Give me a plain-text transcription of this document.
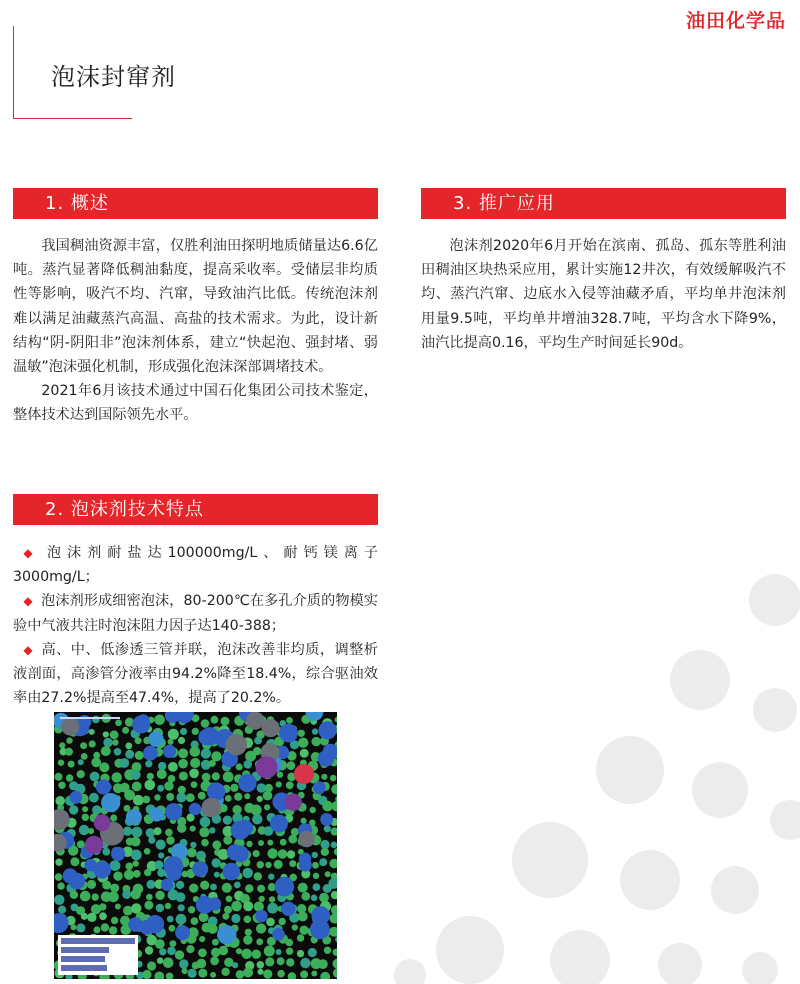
油田化学品
泡沫封窜剂
1. 概述

我国稠油资源丰富，仅胜利油田探明地质储量达6.6亿吨。蒸汽显著降低稠油黏度，提高采收率。受储层非均质性等影响，吸汽不均、汽窜，导致油汽比低。传统泡沫剂难以满足油藏蒸汽高温、高盐的技术需求。为此，设计新结构“阴-阴阳非”泡沫剂体系，建立“快起泡、强封堵、弱温敏”泡沫强化机制，形成强化泡沫深部调堵技术。

2021年6月该技术通过中国石化集团公司技术鉴定，整体技术达到国际领先水平。

2. 泡沫剂技术特点
◆ 泡沫剂耐盐达100000mg/L、耐钙镁离子3000mg/L；
◆ 泡沫剂形成细密泡沫，80-200℃在多孔介质的物模实验中气液共注时泡沫阻力因子达140-388；
◆ 高、中、低渗透三管并联，泡沫改善非均质，调整析液剖面，高渗管分液率由94.2%降至18.4%，综合驱油效率由27.2%提高至47.4%，提高了20.2%。
3. 推广应用

泡沫剂2020年6月开始在滨南、孤岛、孤东等胜利油田稠油区块热采应用，累计实施12井次，有效缓解吸汽不均、蒸汽汽窜、边底水入侵等油藏矛盾，平均单井泡沫剂用量9.5吨，平均单井增油328.7吨，平均含水下降9%，油汽比提高0.16，平均生产时间延长90d。
